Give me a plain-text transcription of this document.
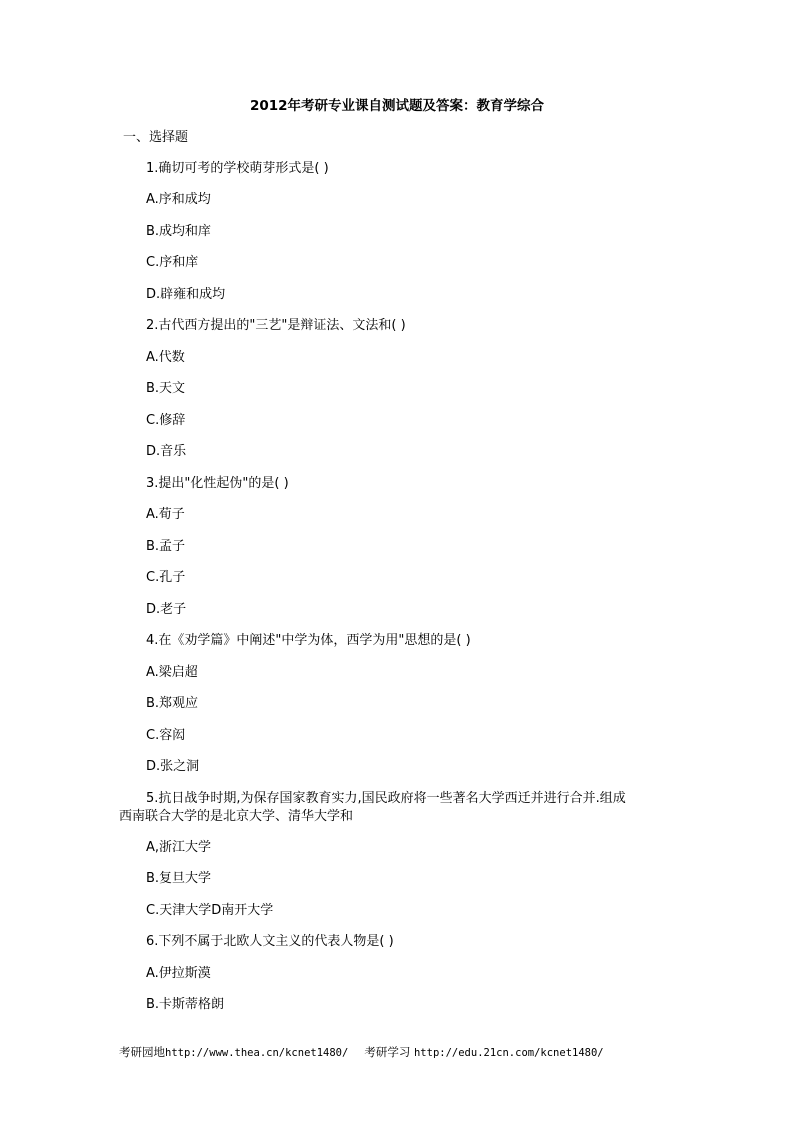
2012年考研专业课自测试题及答案：教育学综合
一、选择题
1.确切可考的学校萌芽形式是( )
A.序和成均
B.成均和庠
C.序和庠
D.辟雍和成均
2.古代西方提出的"三艺"是辩证法、文法和( )
A.代数
B.天文
C.修辞
D.音乐
3.提出"化性起伪"的是( )
A.荀子
B.孟子
C.孔子
D.老子
4.在《劝学篇》中阐述"中学为体，西学为用"思想的是( )
A.梁启超
B.郑观应
C.容闳
D.张之洞
5.抗日战争时期,为保存国家教育实力,国民政府将一些著名大学西迁并进行合并.组成
西南联合大学的是北京大学、清华大学和
A,浙江大学
B.复旦大学
C.天津大学D南开大学
6.下列不属于北欧人文主义的代表人物是( )
A.伊拉斯漠
B.卡斯蒂格朗
考研园地http://www.thea.cn/kcnet1480/ 考研学习 http://edu.21cn.com/kcnet1480/
